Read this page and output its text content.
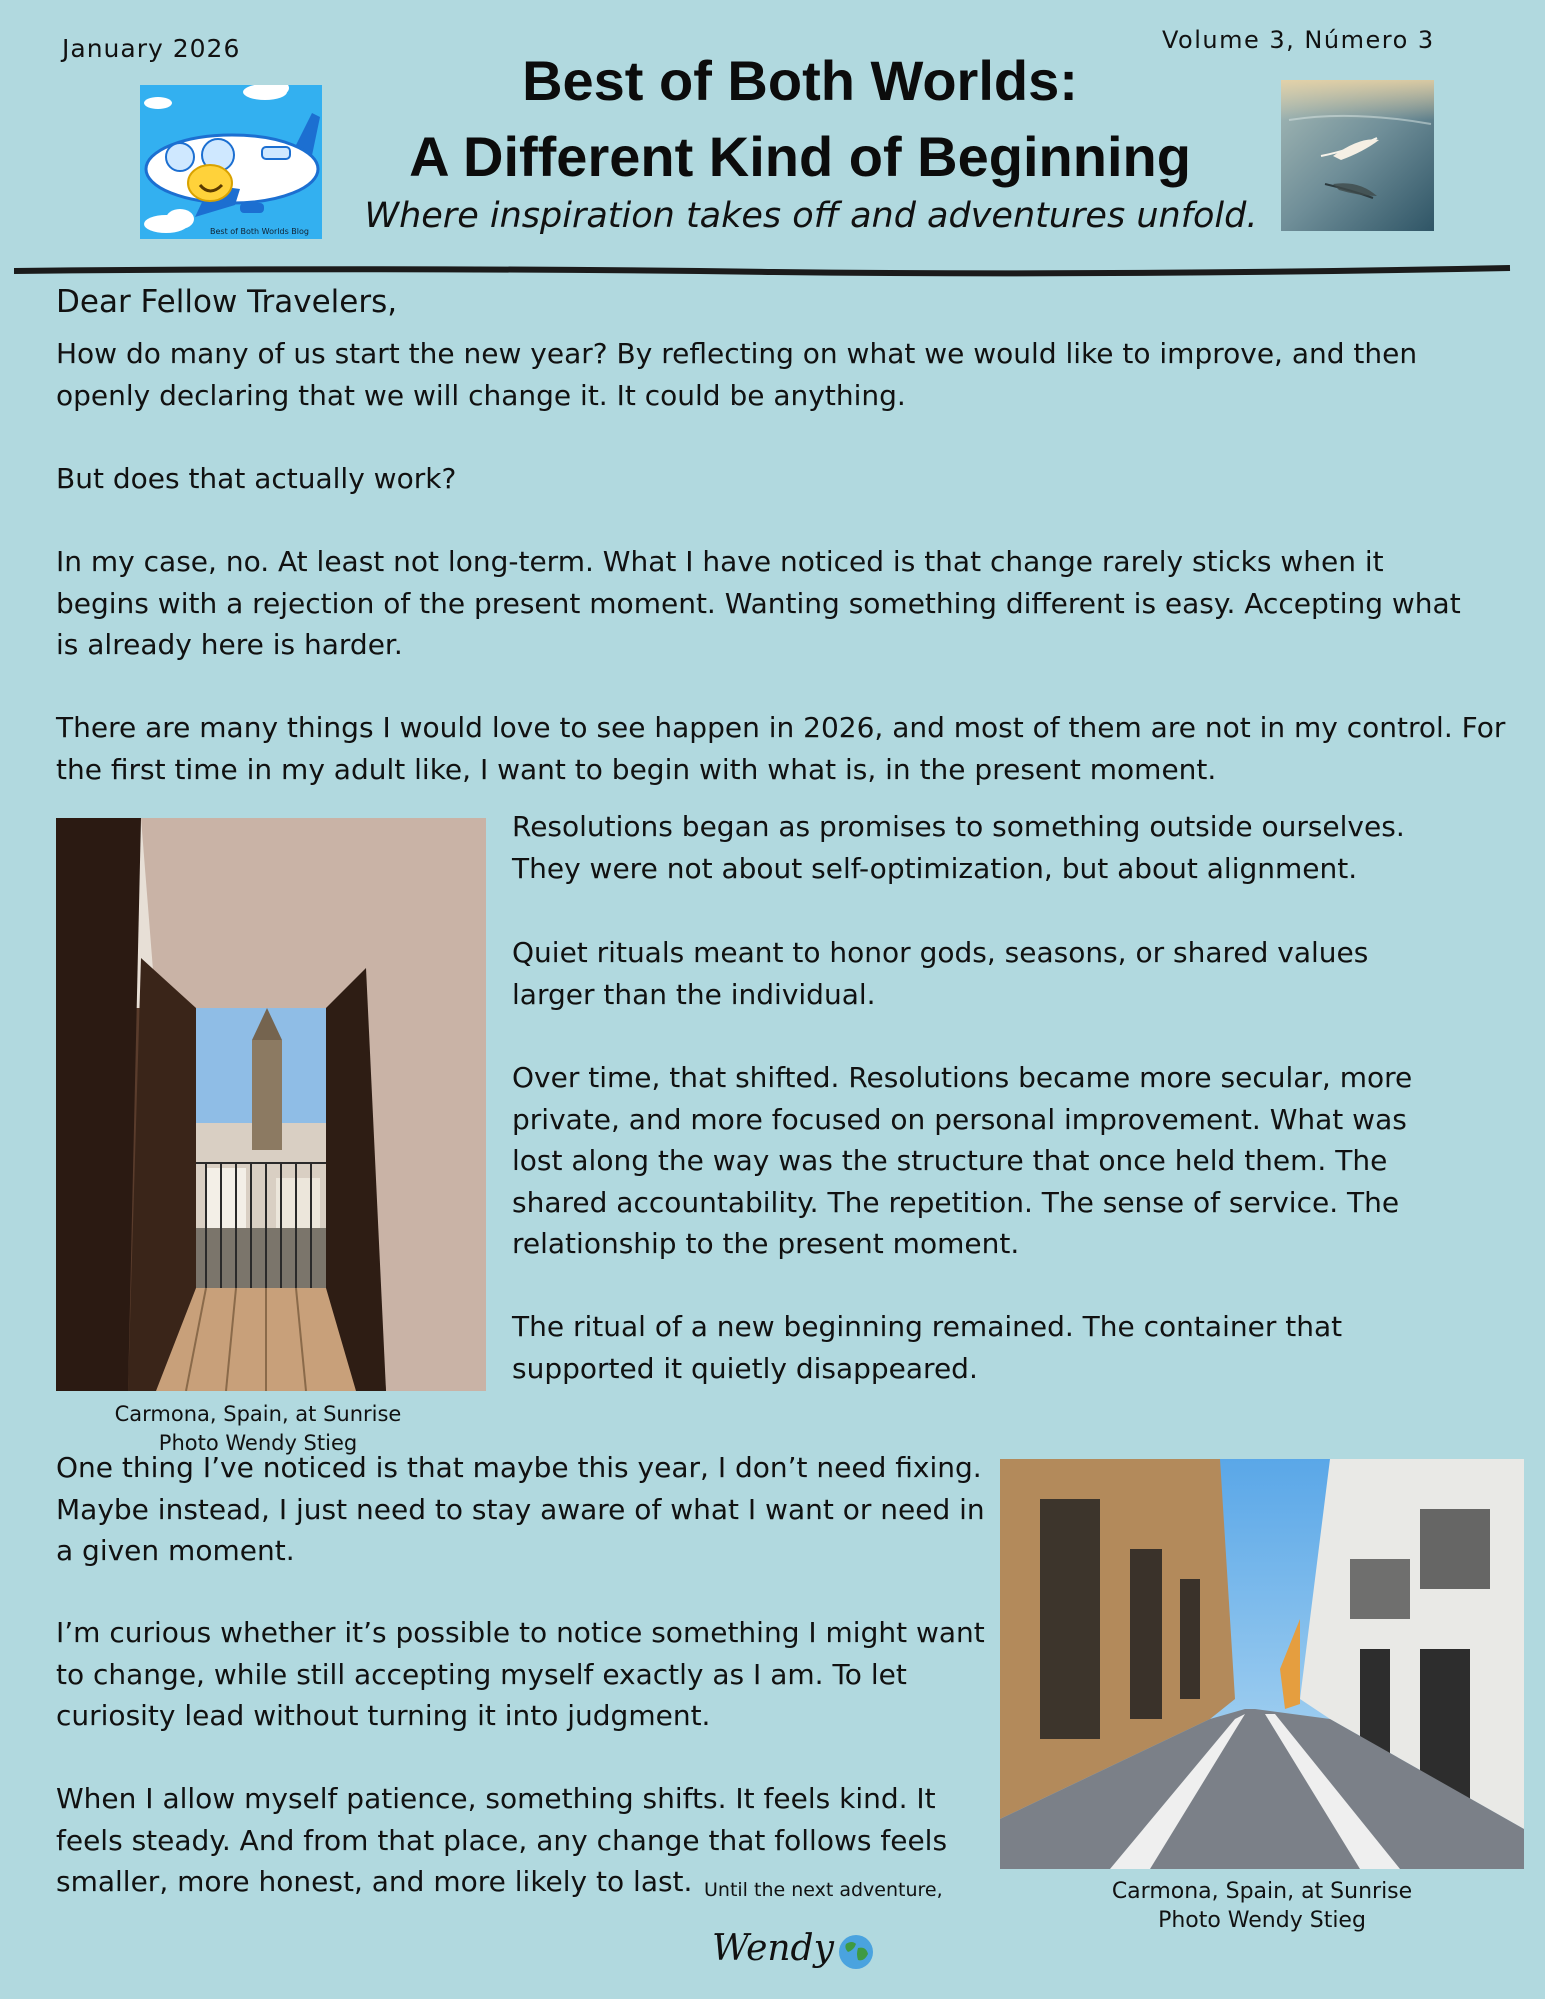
January 2026	Volume 3, Número 3
Best of Both Worlds Blog
Best of Both Worlds:
A Different Kind of Beginning
Where inspiration takes off and adventures unfold.
Dear Fellow Travelers,
How do many of us start the new year? By reflecting on what we would like to improve, and then openly declaring that we will change it. It could be anything.
But does that actually work?
In my case, no. At least not long-term. What I have noticed is that change rarely sticks when it begins with a rejection of the present moment. Wanting something different is easy. Accepting what is already here is harder.
There are many things I would love to see happen in 2026, and most of them are not in my control. For the first time in my adult like, I want to begin with what is, in the present moment.
Carmona, Spain, at Sunrise
Photo Wendy Stieg
Resolutions began as promises to something outside ourselves. They were not about self-optimization, but about alignment.
Quiet rituals meant to honor gods, seasons, or shared values larger than the individual.
Over time, that shifted. Resolutions became more secular, more private, and more focused on personal improvement. What was lost along the way was the structure that once held them. The shared accountability. The repetition. The sense of service. The relationship to the present moment.
The ritual of a new beginning remained. The container that supported it quietly disappeared.
One thing I’ve noticed is that maybe this year, I don’t need fixing. Maybe instead, I just need to stay aware of what I want or need in a given moment.
I’m curious whether it’s possible to notice something I might want to change, while still accepting myself exactly as I am. To let curiosity lead without turning it into judgment.
When I allow myself patience, something shifts. It feels kind. It feels steady. And from that place, any change that follows feels smaller, more honest, and more likely to last.	Carmona, Spain, at Sunrise
Photo Wendy Stieg
Until the next adventure,
Wendy
